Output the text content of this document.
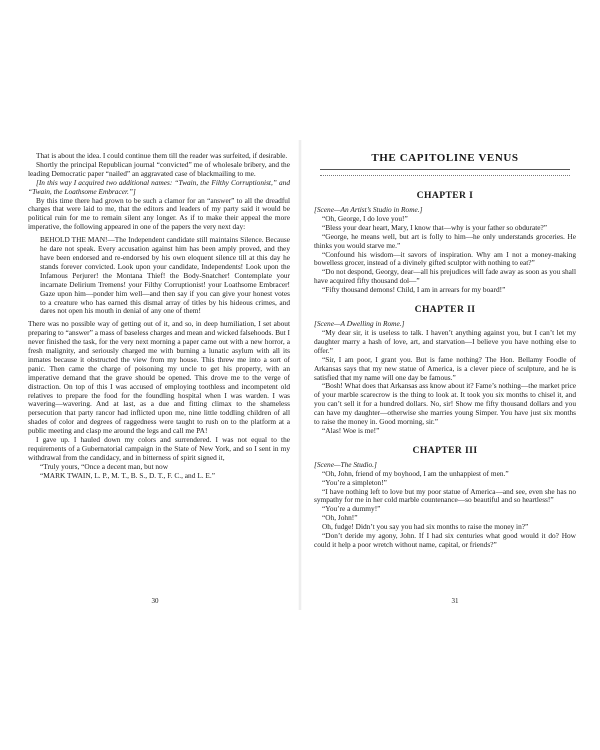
That is about the idea. I could continue them till the reader was surfeited, if desirable.

Shortly the principal Republican journal “convicted” me of wholesale bribery, and the leading Democratic paper “nailed” an aggravated case of blackmailing to me.

[In this way I acquired two additional names: “Twain, the Filthy Corruptionist,” and “Twain, the Loathsome Embracer.”]

By this time there had grown to be such a clamor for an “answer” to all the dreadful charges that were laid to me, that the editors and leaders of my party said it would be political ruin for me to remain silent any longer. As if to make their appeal the more imperative, the following appeared in one of the papers the very next day:

BEHOLD THE MAN!—The Independent candidate still maintains Silence. Because he dare not speak. Every accusation against him has been amply proved, and they have been endorsed and re-endorsed by his own eloquent silence till at this day he stands forever convicted. Look upon your candidate, Independents! Look upon the Infamous Perjurer! the Montana Thief! the Body-Snatcher! Contemplate your incarnate Delirium Tremens! your Filthy Corruptionist! your Loathsome Embracer! Gaze upon him—ponder him well—and then say if you can give your honest votes to a creature who has earned this dismal array of titles by his hideous crimes, and dares not open his mouth in denial of any one of them!

There was no possible way of getting out of it, and so, in deep humiliation, I set about preparing to “answer” a mass of baseless charges and mean and wicked falsehoods. But I never finished the task, for the very next morning a paper came out with a new horror, a fresh malignity, and seriously charged me with burning a lunatic asylum with all its inmates because it obstructed the view from my house. This threw me into a sort of panic. Then came the charge of poisoning my uncle to get his property, with an imperative demand that the grave should be opened. This drove me to the verge of distraction. On top of this I was accused of employing toothless and incompetent old relatives to prepare the food for the foundling hospital when I was warden. I was wavering—wavering. And at last, as a due and fitting climax to the shameless persecution that party rancor had inflicted upon me, nine little toddling children of all shades of color and degrees of raggedness were taught to rush on to the platform at a public meeting and clasp me around the legs and call me PA!

I gave up. I hauled down my colors and surrendered. I was not equal to the requirements of a Gubernatorial campaign in the State of New York, and so I sent in my withdrawal from the candidacy, and in bitterness of spirit signed it,

“Truly yours, “Once a decent man, but now

“MARK TWAIN, L. P., M. T., B. S., D. T., F. C., and L. E.”

THE CAPITOLINE VENUS
CHAPTER I

[Scene—An Artist’s Studio in Rome.]

“Oh, George, I do love you!”

“Bless your dear heart, Mary, I know that—why is your father so obdurate?”

“George, he means well, but art is folly to him—he only understands groceries. He thinks you would starve me.”

“Confound his wisdom—it savors of inspiration. Why am I not a money-making bowelless grocer, instead of a divinely gifted sculptor with nothing to eat?”

“Do not despond, Georgy, dear—all his prejudices will fade away as soon as you shall have acquired fifty thousand dol—”

“Fifty thousand demons! Child, I am in arrears for my board!”

CHAPTER II

[Scene—A Dwelling in Rome.]

“My dear sir, it is useless to talk. I haven’t anything against you, but I can’t let my daughter marry a hash of love, art, and starvation—I believe you have nothing else to offer.”

“Sir, I am poor, I grant you. But is fame nothing? The Hon. Bellamy Foodle of Arkansas says that my new statue of America, is a clever piece of sculpture, and he is satisfied that my name will one day be famous.”

“Bosh! What does that Arkansas ass know about it? Fame’s nothing—the market price of your marble scarecrow is the thing to look at. It took you six months to chisel it, and you can’t sell it for a hundred dollars. No, sir! Show me fifty thousand dollars and you can have my daughter—otherwise she marries young Simper. You have just six months to raise the money in. Good morning, sir.”

“Alas! Woe is me!”

CHAPTER III

[Scene—The Studio.]

“Oh, John, friend of my boyhood, I am the unhappiest of men.”

“You’re a simpleton!”

“I have nothing left to love but my poor statue of America—and see, even she has no sympathy for me in her cold marble countenance—so beautiful and so heartless!”

“You’re a dummy!”

“Oh, John!”

Oh, fudge! Didn’t you say you had six months to raise the money in?”

“Don’t deride my agony, John. If I had six centuries what good would it do? How could it help a poor wretch without name, capital, or friends?”

30	31
